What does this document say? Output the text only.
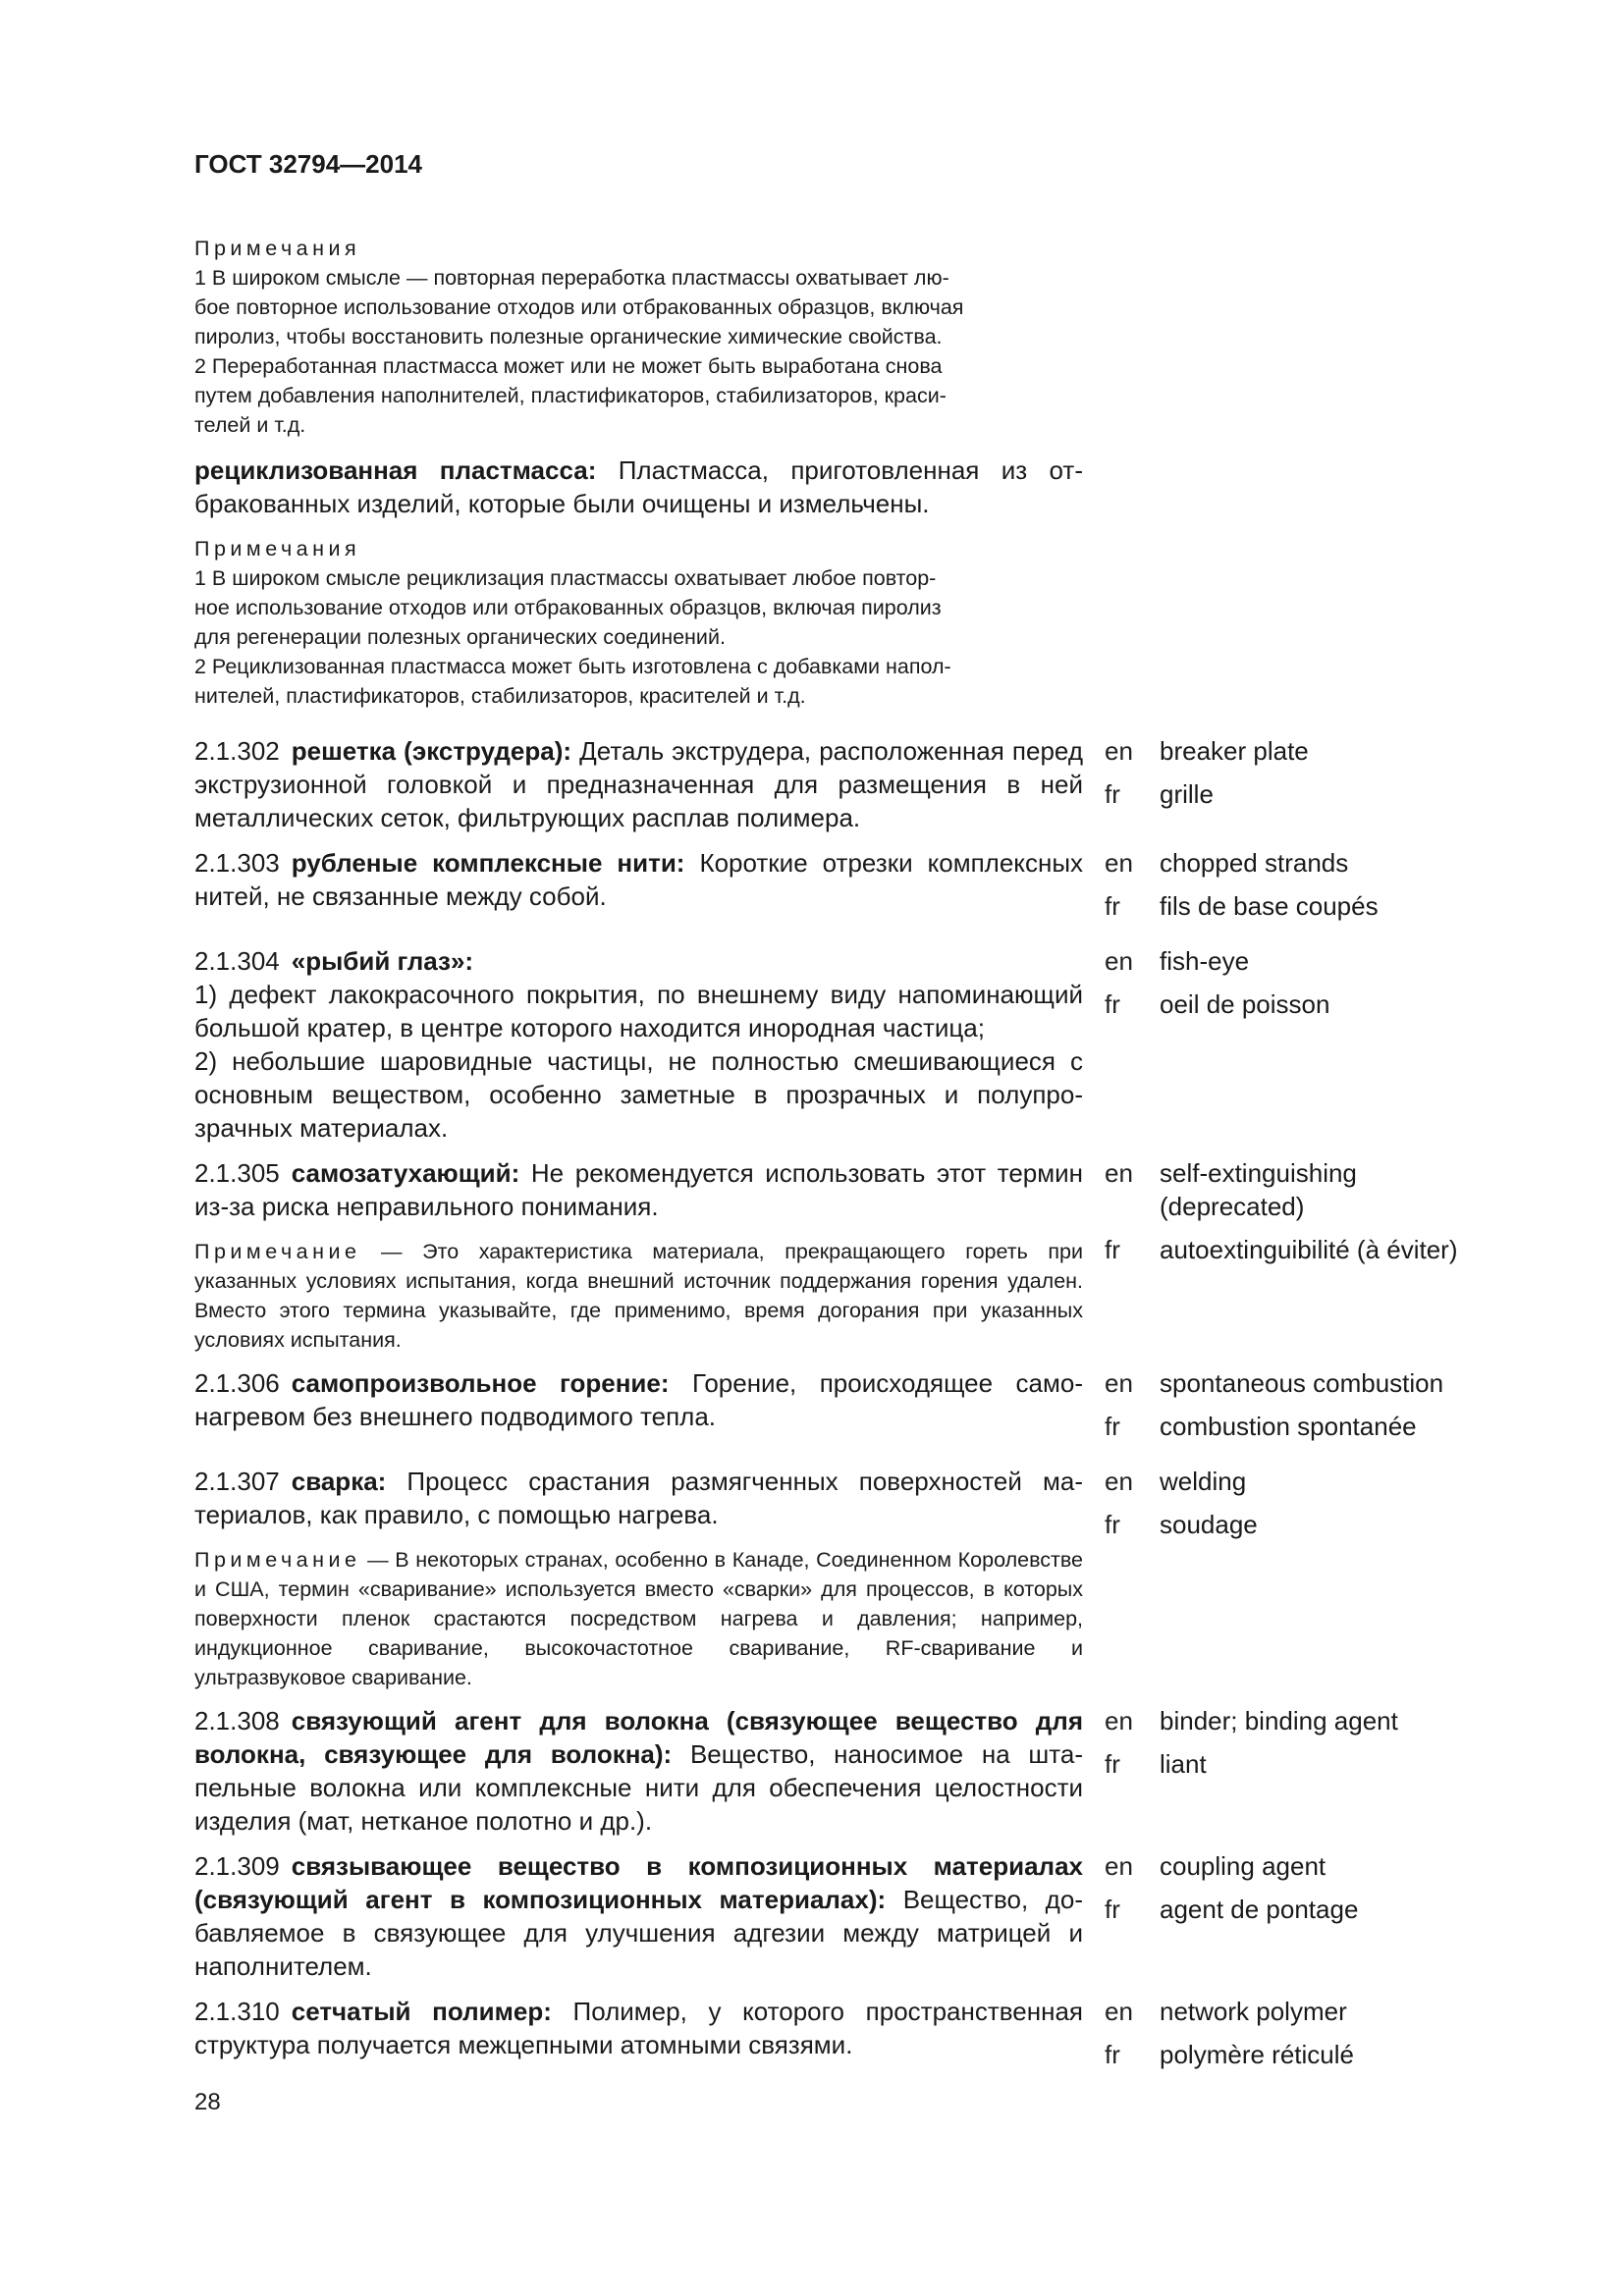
ГОСТ 32794—2014
Примечания
1 В широком смысле — повторная переработка пластмассы охватывает лю-
бое повторное использование отходов или отбракованных образцов, включая
пиролиз, чтобы восстановить полезные органические химические свойства.
2 Переработанная пластмасса может или не может быть выработана снова
путем добавления наполнителей, пластификаторов, стабилизаторов, краси-
телей и т.д.
рециклизованная пластмасса: Пластмасса, приготовленная из отбракованных изделий, которые были очищены и измельчены.
Примечания
1 В широком смысле рециклизация пластмассы охватывает любое повтор-
ное использование отходов или отбракованных образцов, включая пиролиз
для регенерации полезных органических соединений.
2 Рециклизованная пластмасса может быть изготовлена с добавками напол-
нителей, пластификаторов, стабилизаторов, красителей и т.д.

2.1.302 решетка (экструдера): Деталь экструдера, расположенная перед экструзионной головкой и предназначенная для размещения в ней металлических сеток, фильтрующих расплав полимера.

en	breaker plate
fr	grille

2.1.303 рубленые комплексные нити: Короткие отрезки комплексных нитей, не связанные между собой.

en	chopped strands
fr	fils de base coupés

2.1.304 «рыбий глаз»:

1) дефект лакокрасочного покрытия, по внешнему виду напоминающий большой кратер, в центре которого находится инородная частица;

2) небольшие шаровидные частицы, не полностью смешивающиеся с основным веществом, особенно заметные в прозрачных и полупрозрачных материалах.

en	fish-eye
fr	oeil de poisson

2.1.305 самозатухающий: Не рекомендуется использовать этот термин из-за риска неправильного понимания.

Примечание — Это характеристика материала, прекращающего гореть при указанных условиях испытания, когда внешний источник поддержания горения удален. Вместо этого термина указывайте, где применимо, время догорания при указанных условиях испытания.
en	self-extinguishing (deprecated)
fr	autoextinguibilité (à éviter)

2.1.306 самопроизвольное горение: Горение, происходящее самонагревом без внешнего подводимого тепла.

en	spontaneous combustion
fr	combustion spontanée

2.1.307 сварка: Процесс срастания размягченных поверхностей материалов, как правило, с помощью нагрева.

Примечание — В некоторых странах, особенно в Канаде, Соединенном Королевстве и США, термин «сваривание» используется вместо «сварки» для процессов, в которых поверхности пленок срастаются посредством нагрева и давления; например, индукционное сваривание, высокочастотное сваривание, RF-сваривание и ультразвуковое сваривание.
en	welding
fr	soudage

2.1.308 связующий агент для волокна (связующее вещество для волокна, связующее для волокна): Вещество, наносимое на штапельные волокна или комплексные нити для обеспечения целостности изделия (мат, нетканое полотно и др.).

en	binder; binding agent
fr	liant

2.1.309 связывающее вещество в композиционных материалах (связующий агент в композиционных материалах): Вещество, добавляемое в связующее для улучшения адгезии между матрицей и наполнителем.

en	coupling agent
fr	agent de pontage

2.1.310 сетчатый полимер: Полимер, у которого пространственная структура получается межцепными атомными связями.

en	network polymer
fr	polymère réticulé
28
